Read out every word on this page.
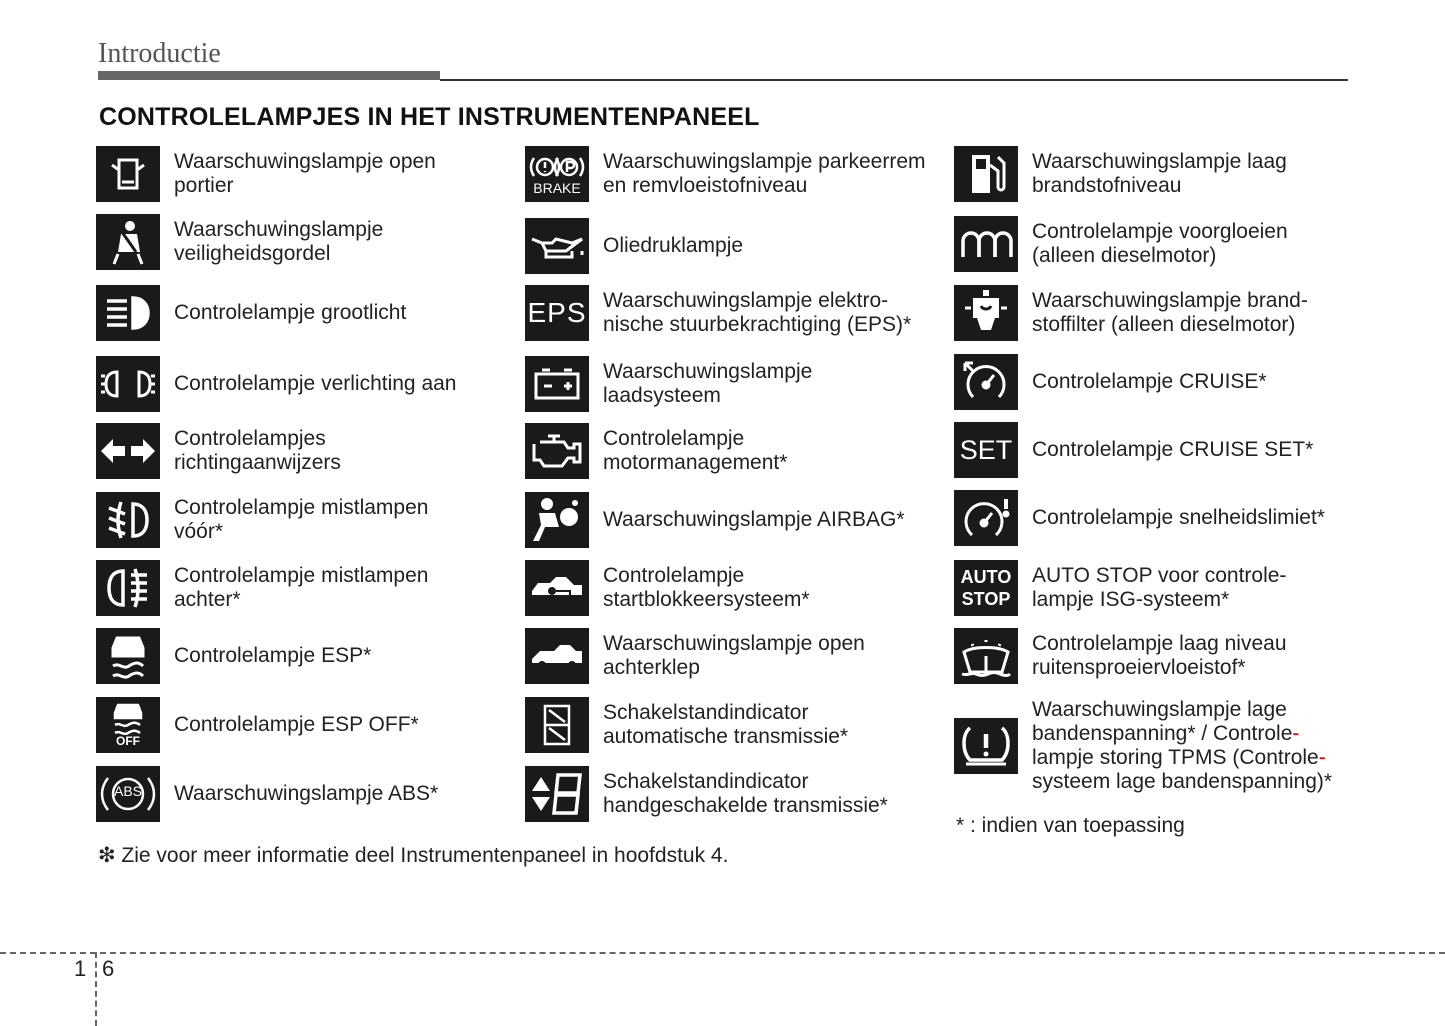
Introductie
CONTROLELAMPJES IN HET INSTRUMENTENPANEEL
Waarschuwingslampje open
portier
Waarschuwingslampje
veiligheidsgordel
Controlelampje grootlicht
Controlelampje verlichting aan
Controlelampjes
richtingaanwijzers
Controlelampje mistlampen
vóór*
Controlelampje mistlampen
achter*
Controlelampje ESP*
OFF
Controlelampje ESP OFF*
ABS	Waarschuwingslampje ABS*
BRAKE
Waarschuwingslampje parkeerrem
en remvloeistofniveau
Oliedruklampje
EPS Waarschuwingslampje elektro-
nische stuurbekrachtiging (EPS)*
Waarschuwingslampje
laadsysteem
Controlelampje
motormanagement*
Waarschuwingslampje AIRBAG*
Controlelampje
startblokkeersysteem*
Waarschuwingslampje open
achterklep
Schakelstandindicator
automatische transmissie*
Schakelstandindicator
handgeschakelde transmissie*
Waarschuwingslampje laag
brandstofniveau
Controlelampje voorgloeien
(alleen dieselmotor)
Waarschuwingslampje brand-
stoffilter (alleen dieselmotor)
Controlelampje CRUISE*
SET Controlelampje CRUISE SET*
Controlelampje snelheidslimiet*
AUTO
STOP
AUTO STOP voor controle-
lampje ISG-systeem*
Controlelampje laag niveau
ruitensproeiervloeistof*
Waarschuwingslampje lage
bandenspanning* / Controle-
lampje storing TPMS (Controle-
systeem lage bandenspanning)*
❇ Zie voor meer informatie deel Instrumentenpaneel in hoofdstuk 4.
* : indien van toepassing
1 6
